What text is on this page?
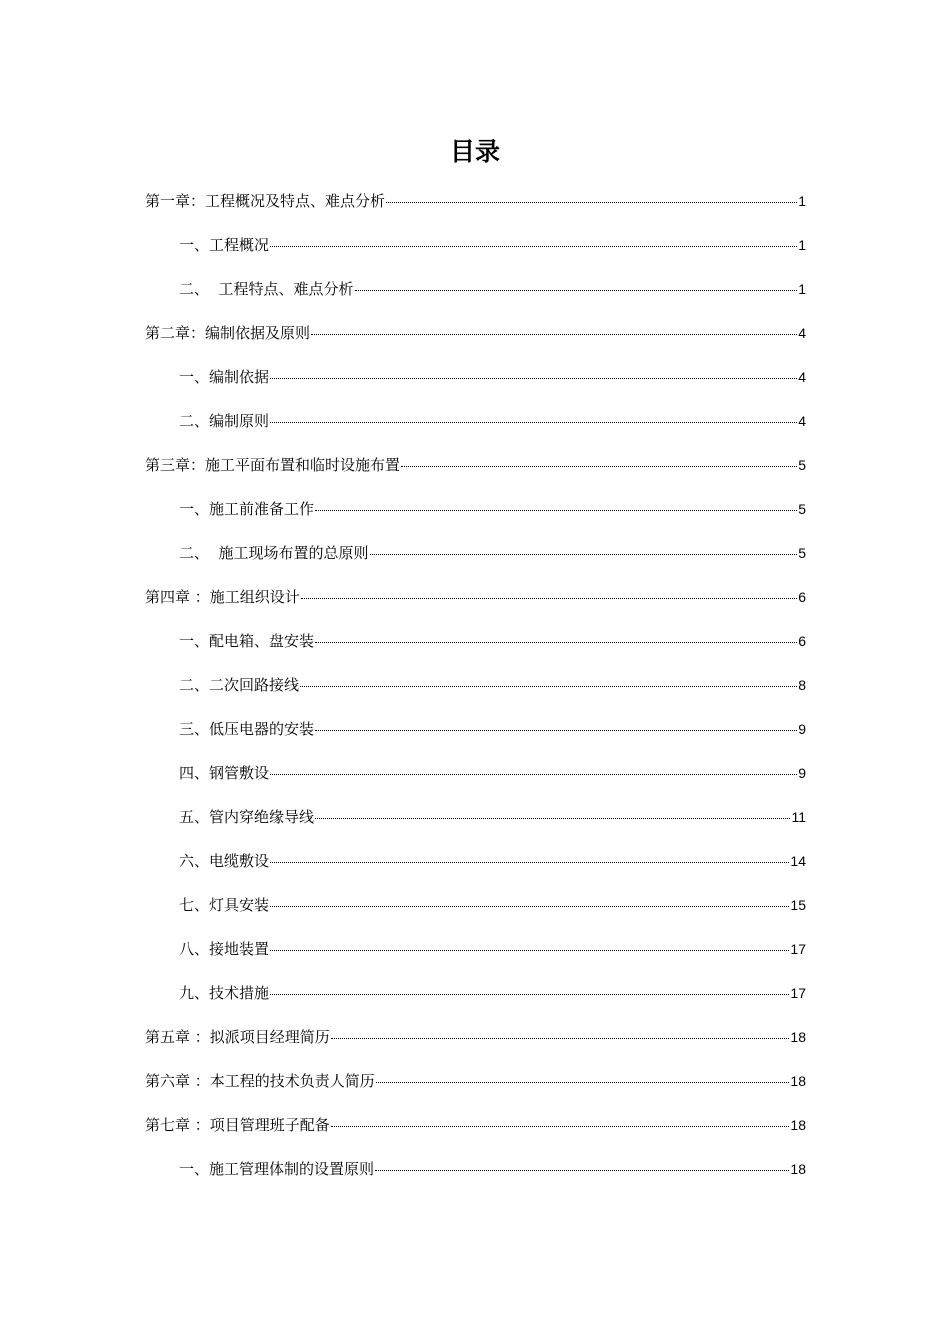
目录
第一章：工程概况及特点、难点分析	1
一、工程概况	1
二、  工程特点、难点分析	1
第二章：编制依据及原则	4
一、编制依据	4
二、编制原则	4
第三章：施工平面布置和临时设施布置	5
一、施工前准备工作	5
二、  施工现场布置的总原则	5
第四章 ：施工组织设计	6
一、配电箱、盘安装	6
二、二次回路接线	8
三、低压电器的安装	9
四、钢管敷设	9
五、管内穿绝缘导线	11
六、电缆敷设	14
七、灯具安装	15
八、接地装置	17
九、技术措施	17
第五章 ：拟派项目经理简历	18
第六章 ：本工程的技术负责人简历	18
第七章 ：项目管理班子配备	18
一、施工管理体制的设置原则	18
